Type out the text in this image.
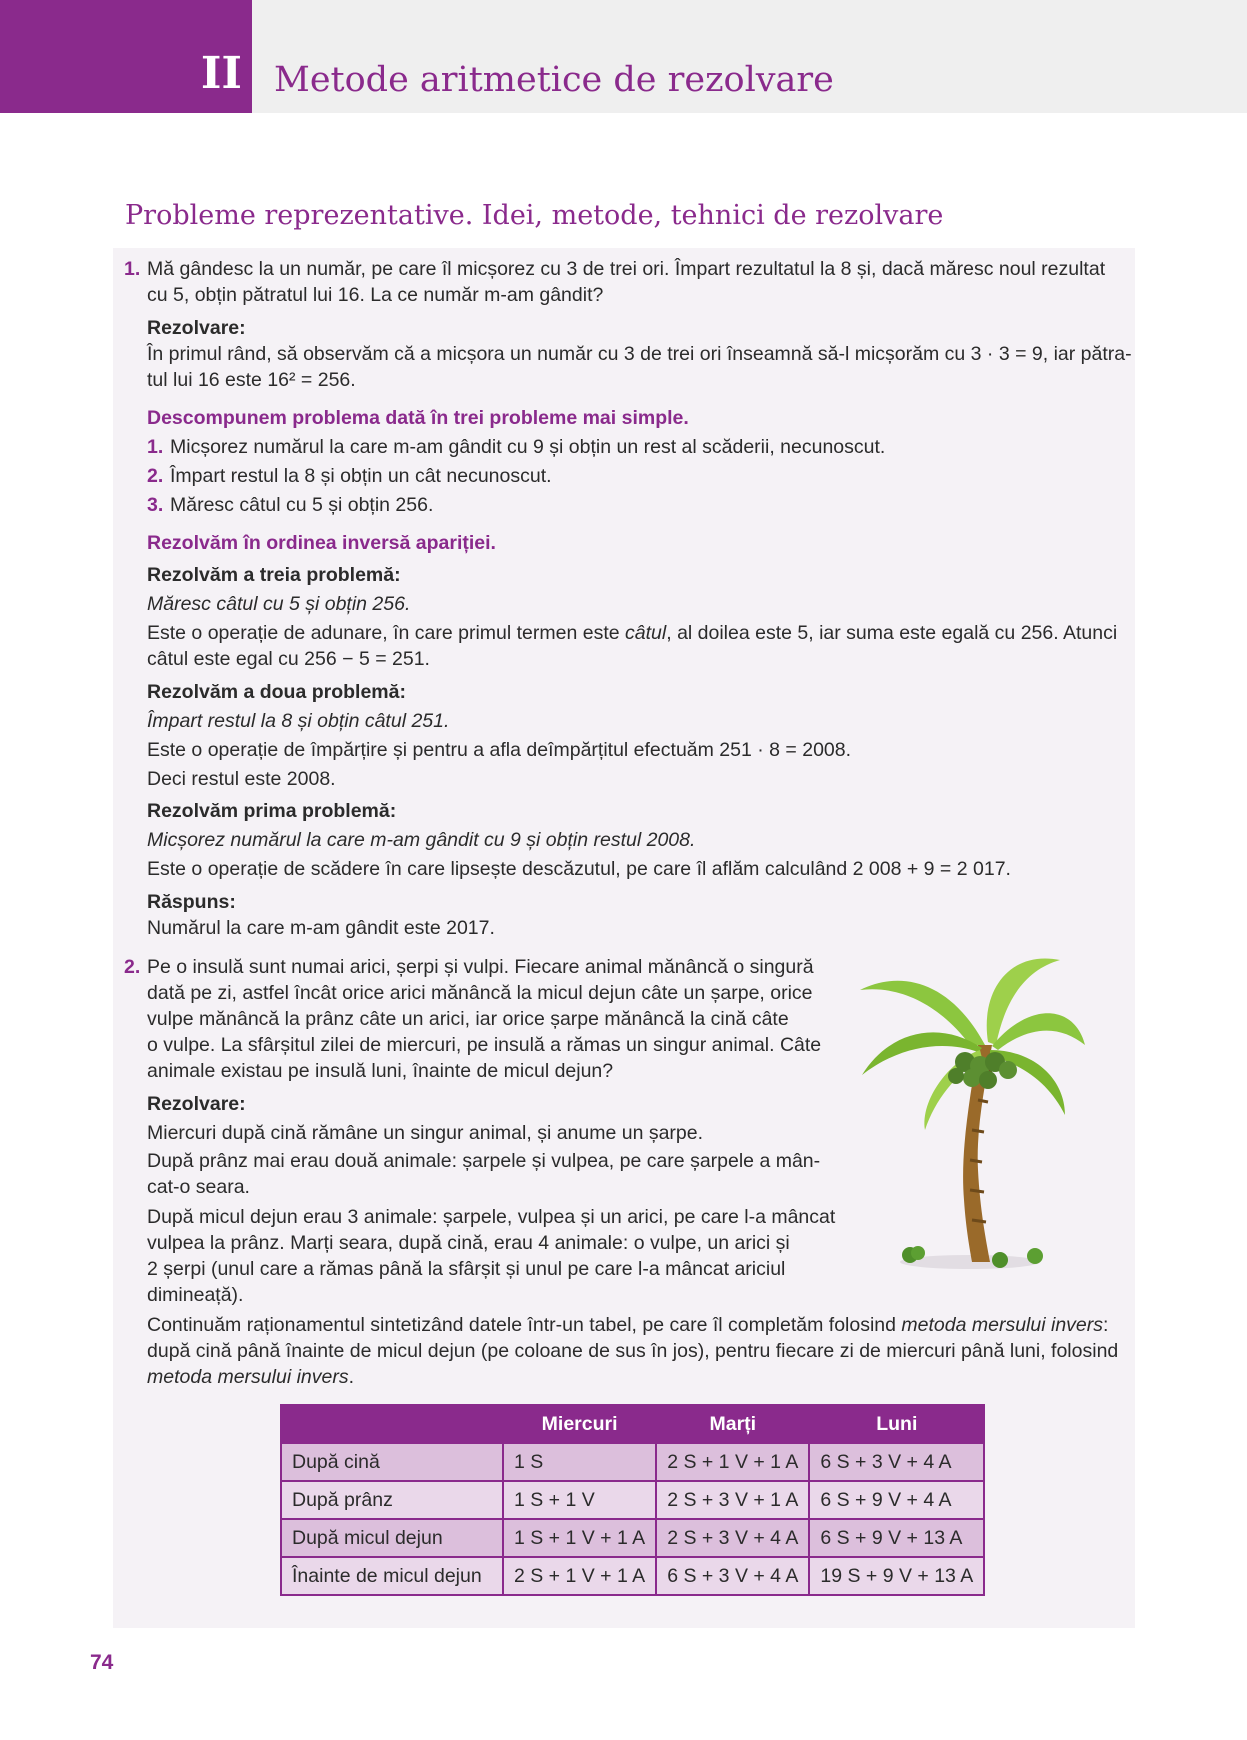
II Metode aritmetice de rezolvare
Probleme reprezentative. Idei, metode, tehnici de rezolvare
1. Mă gândesc la un număr, pe care îl micșorez cu 3 de trei ori. Împart rezultatul la 8 și, dacă măresc noul rezultat
cu 5, obțin pătratul lui 16. La ce număr m-am gândit?
Rezolvare:
În primul rând, să observăm că a micșora un număr cu 3 de trei ori înseamnă să-l micșorăm cu 3 · 3 = 9, iar pătra-
tul lui 16 este 16² = 256.
Descompunem problema dată în trei probleme mai simple.
1. Micșorez numărul la care m-am gândit cu 9 și obțin un rest al scăderii, necunoscut.
2. Împart restul la 8 și obțin un cât necunoscut.
3. Măresc câtul cu 5 și obțin 256.
Rezolvăm în ordinea inversă apariției.
Rezolvăm a treia problemă:
Măresc câtul cu 5 și obțin 256.
Este o operație de adunare, în care primul termen este câtul, al doilea este 5, iar suma este egală cu 256. Atunci
câtul este egal cu 256 − 5 = 251.
Rezolvăm a doua problemă:
Împart restul la 8 și obțin câtul 251.
Este o operație de împărțire și pentru a afla deîmpărțitul efectuăm 251 · 8 = 2008.
Deci restul este 2008.
Rezolvăm prima problemă:
Micșorez numărul la care m-am gândit cu 9 și obțin restul 2008.
Este o operație de scădere în care lipsește descăzutul, pe care îl aflăm calculând 2 008 + 9 = 2 017.
Răspuns:
Numărul la care m-am gândit este 2017.
2. Pe o insulă sunt numai arici, șerpi și vulpi. Fiecare animal mănâncă o singură
dată pe zi, astfel încât orice arici mănâncă la micul dejun câte un șarpe, orice
vulpe mănâncă la prânz câte un arici, iar orice șarpe mănâncă la cină câte
o vulpe. La sfârșitul zilei de miercuri, pe insulă a rămas un singur animal. Câte
animale existau pe insulă luni, înainte de micul dejun?
Rezolvare:
Miercuri după cină rămâne un singur animal, și anume un șarpe.
După prânz mai erau două animale: șarpele și vulpea, pe care șarpele a mân-
cat-o seara.
După micul dejun erau 3 animale: șarpele, vulpea și un arici, pe care l-a mâncat
vulpea la prânz. Marți seara, după cină, erau 4 animale: o vulpe, un arici și
2 șerpi (unul care a rămas până la sfârșit și unul pe care l-a mâncat ariciul
dimineață).
Continuăm raționamentul sintetizând datele într-un tabel, pe care îl completăm folosind metoda mersului invers:
după cină până înainte de micul dejun (pe coloane de sus în jos), pentru fiecare zi de miercuri până luni, folosind
metoda mersului invers.
	Miercuri	Marți	Luni
După cină	1 S	2 S + 1 V + 1 A	6 S + 3 V + 4 A
După prânz	1 S + 1 V	2 S + 3 V + 1 A	6 S + 9 V + 4 A
După micul dejun	1 S + 1 V + 1 A	2 S + 3 V + 4 A	6 S + 9 V + 13 A
Înainte de micul dejun	2 S + 1 V + 1 A	6 S + 3 V + 4 A	19 S + 9 V + 13 A
74
